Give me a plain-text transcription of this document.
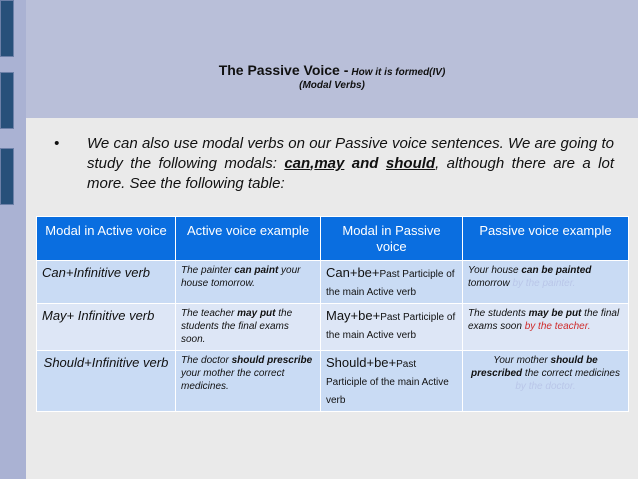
The Passive Voice - How it is formed(IV)
(Modal Verbs)
•	We can also use modal verbs on our Passive voice sentences. We are going to study the following modals: can,may and should, although there are a lot more. See the following table:
Modal in Active voice	Active voice example	Modal in Passive voice	Passive voice example
Can+Infinitive verb	The painter can paint your house tomorrow.	Can+be+Past Participle of the main Active verb	Your house can be painted tomorrow by the painter.
May+ Infinitive verb	The teacher may put the students the final exams soon.	May+be+Past Participle of the main Active verb	The students may be put the final exams soon by the teacher.
Should+Infinitive verb	The doctor should prescribe your mother the correct medicines.	Should+be+Past Participle of the main Active verb	Your mother should be prescribed the correct medicines by the doctor.
